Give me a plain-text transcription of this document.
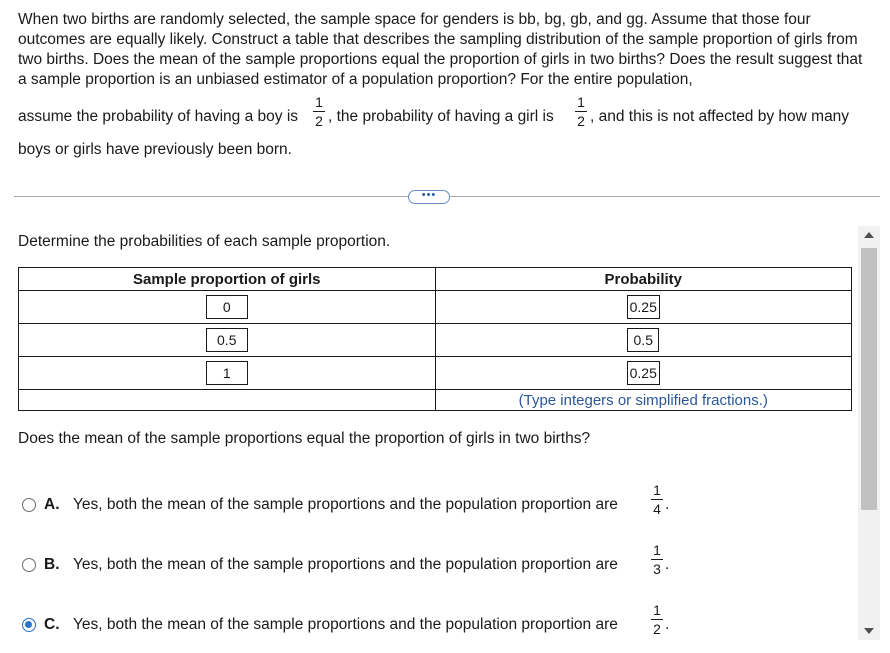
When two births are randomly selected, the sample space for genders is bb, bg, gb, and gg. Assume that those four outcomes are equally likely. Construct a table that describes the sampling distribution of the sample proportion of girls from two births. Does the mean of the sample proportions equal the proportion of girls in two births? Does the result suggest that a sample proportion is an unbiased estimator of a population proportion? For the entire population,
assume the probability of having a boy is
1
2 , the probability of having a girl is
1
2 , and this is not affected by how many
boys or girls have previously been born.
•••
Determine the probabilities of each sample proportion.
Sample proportion of girls	Probability
0	0.25
0.5	0.5
1	0.25
	(Type integers or simplified fractions.)
Does the mean of the sample proportions equal the proportion of girls in two births?
A. Yes, both the mean of the sample proportions and the population proportion are
1
4 .
B. Yes, both the mean of the sample proportions and the population proportion are
1
3 .
C. Yes, both the mean of the sample proportions and the population proportion are
1
2 .
